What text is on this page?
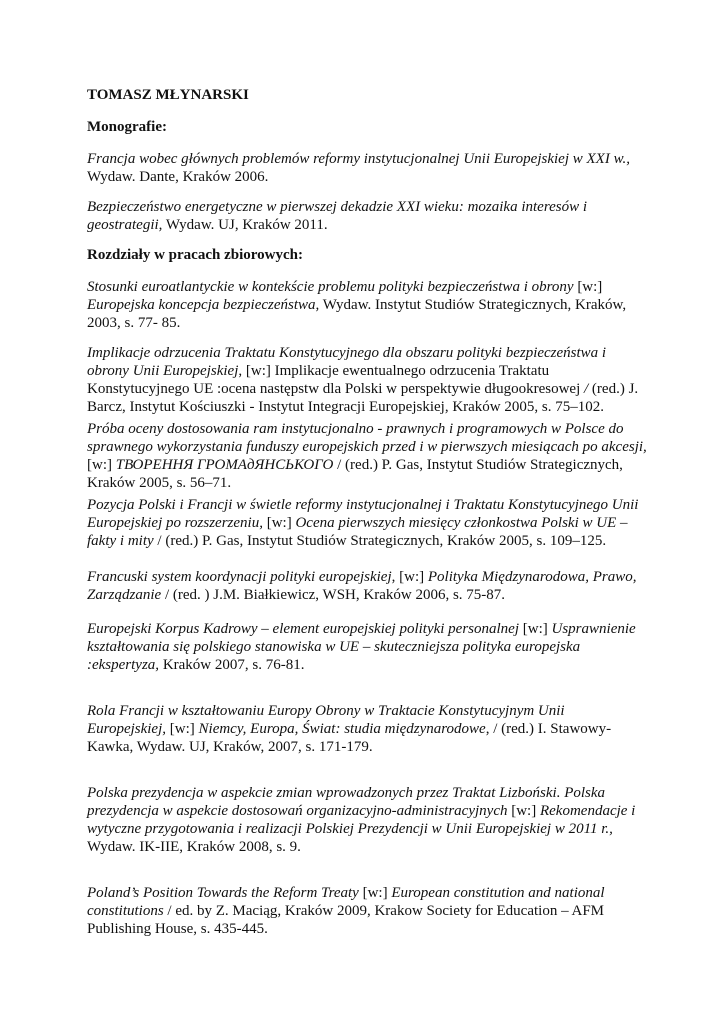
TOMASZ MŁYNARSKI

Monografie:

Francja wobec głównych problemów reformy instytucjonalnej Unii Europejskiej w XXI w., Wydaw. Dante, Kraków 2006.

Bezpieczeństwo energetyczne w pierwszej dekadzie XXI wieku: mozaika interesów i geostrategii, Wydaw. UJ, Kraków 2011.

Rozdziały w pracach zbiorowych:

Stosunki euroatlantyckie w kontekście problemu polityki bezpieczeństwa i obrony [w:] Europejska koncepcja bezpieczeństwa, Wydaw. Instytut Studiów Strategicznych, Kraków, 2003, s. 77- 85.

Implikacje odrzucenia Traktatu Konstytucyjnego dla obszaru polityki bezpieczeństwa i obrony Unii Europejskiej, [w:] Implikacje ewentualnego odrzucenia Traktatu Konstytucyjnego UE :ocena następstw dla Polski w perspektywie długookresowej / (red.) J. Barcz, Instytut Kościuszki - Instytut Integracji Europejskiej, Kraków 2005, s. 75–102.

Próba oceny dostosowania ram instytucjonalno - prawnych i programowych w Polsce do sprawnego wykorzystania funduszy europejskich przed i w pierwszych miesiącach po akcesji, [w:] ТВОРЕННЯ ГРОМАдЯНСЬКОГО / (red.) P. Gas, Instytut Studiów Strategicznych, Kraków 2005, s. 56–71.

Pozycja Polski i Francji w świetle reformy instytucjonalnej i Traktatu Konstytucyjnego Unii Europejskiej po rozszerzeniu, [w:] Ocena pierwszych miesięcy członkostwa Polski w UE – fakty i mity / (red.) P. Gas, Instytut Studiów Strategicznych, Kraków 2005, s. 109–125.

Francuski system koordynacji polityki europejskiej, [w:] Polityka Międzynarodowa, Prawo, Zarządzanie / (red. ) J.M. Białkiewicz, WSH, Kraków 2006, s. 75-87.

Europejski Korpus Kadrowy – element europejskiej polityki personalnej [w:] Usprawnienie kształtowania się polskiego stanowiska w UE – skuteczniejsza polityka europejska :ekspertyza, Kraków 2007, s. 76-81.

Rola Francji w kształtowaniu Europy Obrony w Traktacie Konstytucyjnym Unii Europejskiej, [w:] Niemcy, Europa, Świat: studia międzynarodowe, / (red.) I. Stawowy-Kawka, Wydaw. UJ, Kraków, 2007, s. 171-179.

Polska prezydencja w aspekcie zmian wprowadzonych przez Traktat Lizboński. Polska prezydencja w aspekcie dostosowań organizacyjno-administracyjnych [w:] Rekomendacje i wytyczne przygotowania i realizacji Polskiej Prezydencji w Unii Europejskiej w 2011 r., Wydaw. IK-IIE, Kraków 2008, s. 9.

Poland’s Position Towards the Reform Treaty [w:] European constitution and national constitutions / ed. by Z. Maciąg, Kraków 2009, Krakow Society for Education – AFM Publishing House, s. 435-445.
